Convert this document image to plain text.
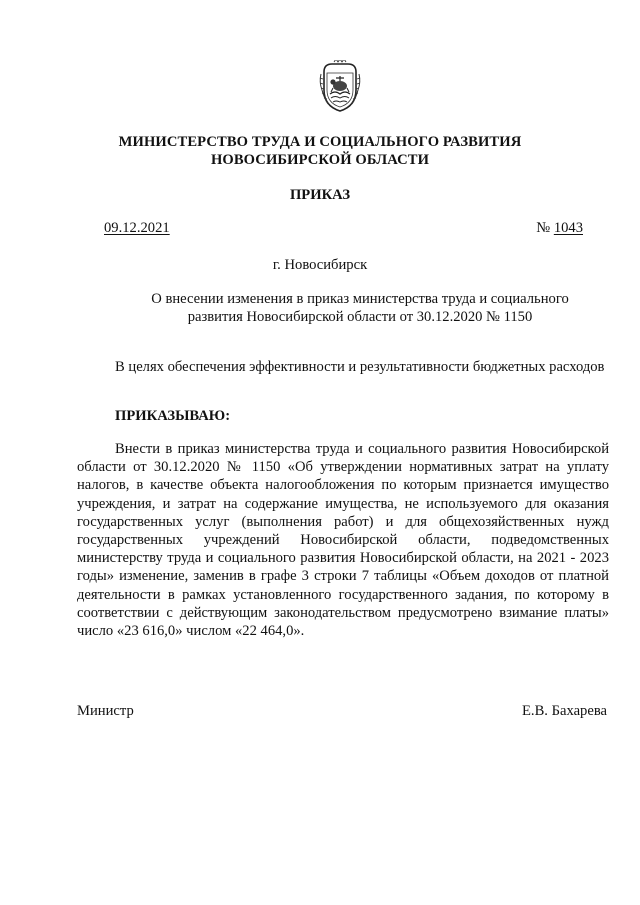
МИНИСТЕРСТВО ТРУДА И СОЦИАЛЬНОГО РАЗВИТИЯ
НОВОСИБИРСКОЙ ОБЛАСТИ
ПРИКАЗ
09.12.2021	№ 1043
г. Новосибирск
О внесении изменения в приказ министерства труда и социального развития Новосибирской области от 30.12.2020 № 1150
В целях обеспечения эффективности и результативности бюджетных расходов
ПРИКАЗЫВАЮ:
Внести в приказ министерства труда и социального развития Новосибирской области от 30.12.2020 № 1150 «Об утверждении нормативных затрат на уплату налогов, в качестве объекта налогообложения по которым признается имущество учреждения, и затрат на содержание имущества, не используемого для оказания государственных услуг (выполнения работ) и для общехозяйственных нужд государственных учреждений Новосибирской области, подведомственных министерству труда и социального развития Новосибирской области, на 2021 - 2023 годы» изменение, заменив в графе 3 строки 7 таблицы «Объем доходов от платной деятельности в рамках установленного государственного задания, по которому в соответствии с действующим законодательством предусмотрено взимание платы» число «23 616,0» числом «22 464,0».
Министр	Е.В. Бахарева
